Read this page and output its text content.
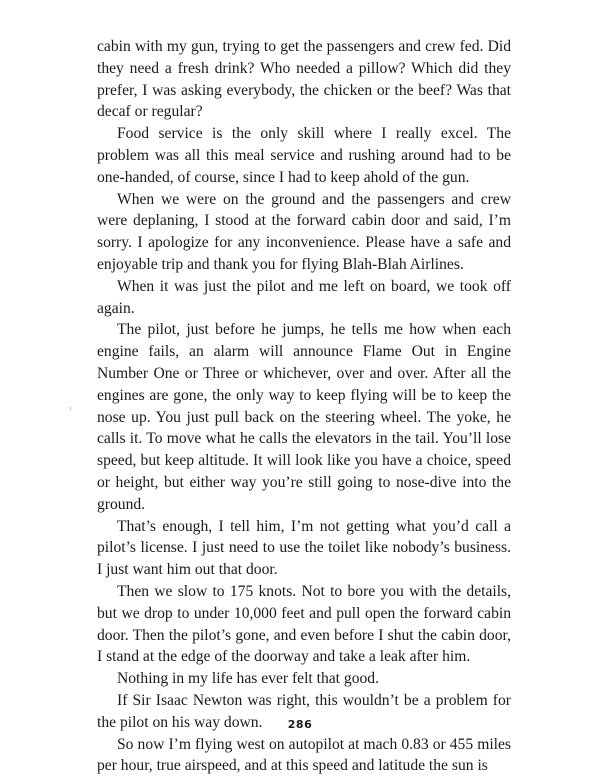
cabin with my gun, trying to get the passengers and crew fed. Did they need a fresh drink? Who needed a pillow? Which did they prefer, I was asking everybody, the chicken or the beef? Was that decaf or regular?

Food service is the only skill where I really excel. The problem was all this meal service and rushing around had to be one-handed, of course, since I had to keep ahold of the gun.

When we were on the ground and the passengers and crew were deplaning, I stood at the forward cabin door and said, I’m sorry. I apologize for any inconvenience. Please have a safe and enjoyable trip and thank you for flying Blah-Blah Airlines.

When it was just the pilot and me left on board, we took off again.

The pilot, just before he jumps, he tells me how when each engine fails, an alarm will announce Flame Out in Engine Number One or Three or whichever, over and over. After all the engines are gone, the only way to keep flying will be to keep the nose up. You just pull back on the steering wheel. The yoke, he calls it. To move what he calls the elevators in the tail. You’ll lose speed, but keep altitude. It will look like you have a choice, speed or height, but either way you’re still going to nose-dive into the ground.

That’s enough, I tell him, I’m not getting what you’d call a pilot’s license. I just need to use the toilet like nobody’s business. I just want him out that door.

Then we slow to 175 knots. Not to bore you with the details, but we drop to under 10,000 feet and pull open the forward cabin door. Then the pilot’s gone, and even before I shut the cabin door, I stand at the edge of the doorway and take a leak after him.

Nothing in my life has ever felt that good.

If Sir Isaac Newton was right, this wouldn’t be a problem for the pilot on his way down.

So now I’m flying west on autopilot at mach 0.83 or 455 miles per hour, true airspeed, and at this speed and latitude the sun is

286
